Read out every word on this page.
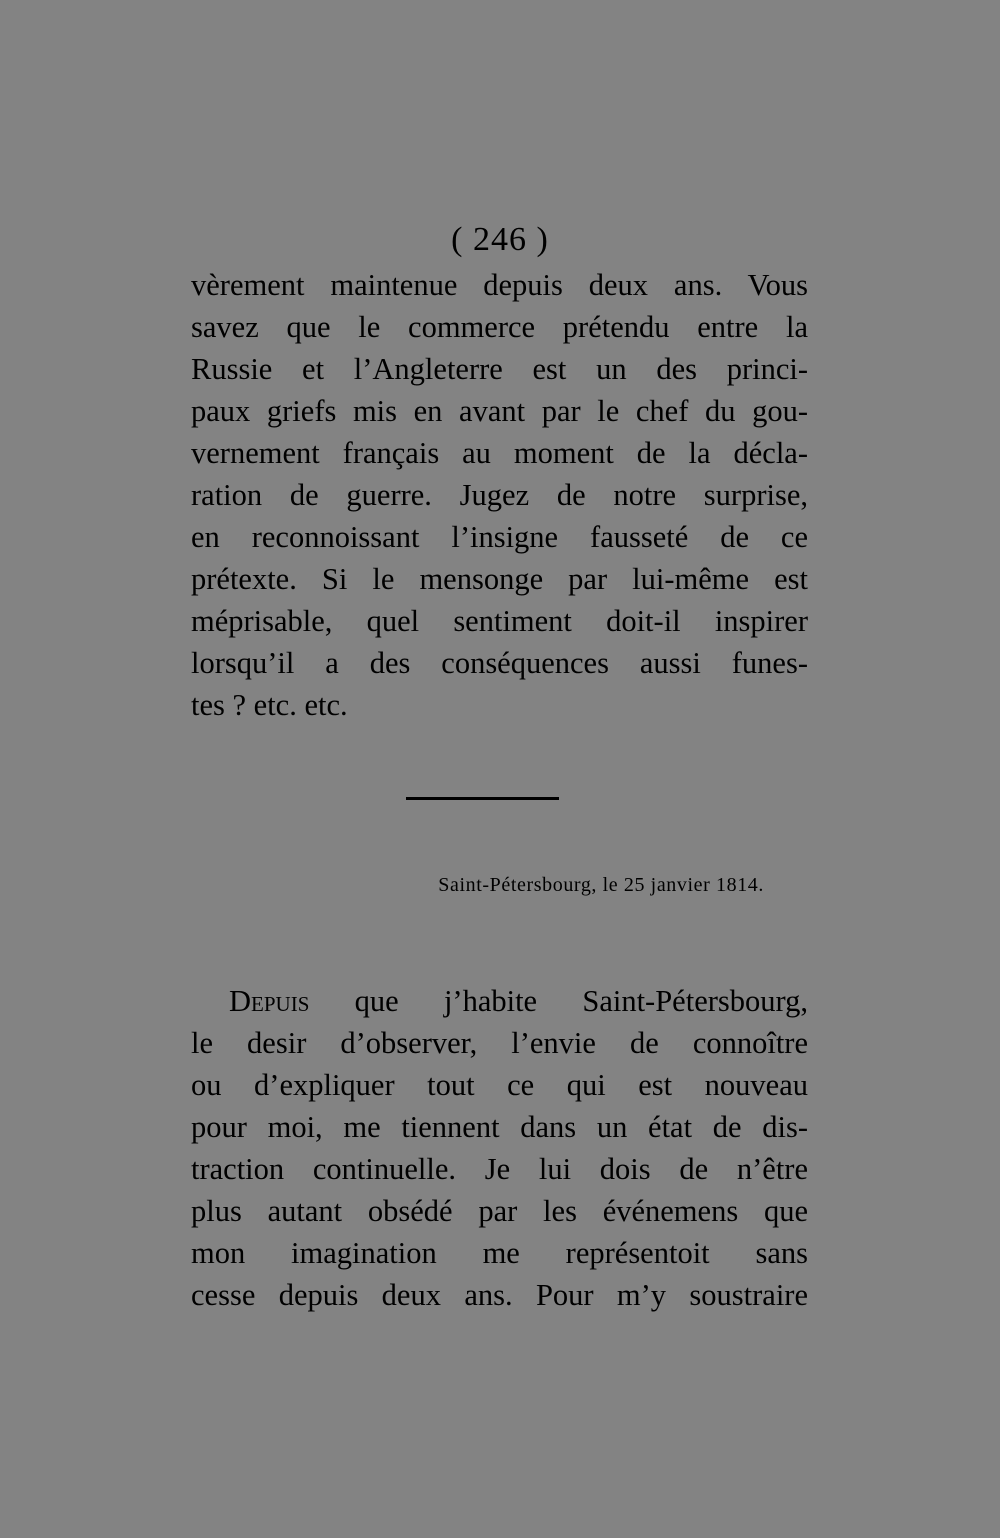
( 246 )
vèrement maintenue depuis deux ans. Vous
savez que le commerce prétendu entre la
Russie et l’Angleterre est un des princi-
paux griefs mis en avant par le chef du gou-
vernement français au moment de la décla-
ration de guerre. Jugez de notre surprise,
en reconnoissant l’insigne fausseté de ce
prétexte. Si le mensonge par lui-même est
méprisable, quel sentiment doit-il inspirer
lorsqu’il a des conséquences aussi funes-
tes ? etc. etc.
Saint-Pétersbourg, le 25 janvier 1814.
Depuis que j’habite Saint-Pétersbourg,
le desir d’observer, l’envie de connoître
ou d’expliquer tout ce qui est nouveau
pour moi, me tiennent dans un état de dis-
traction continuelle. Je lui dois de n’être
plus autant obsédé par les événemens que
mon imagination me représentoit sans
cesse depuis deux ans. Pour m’y soustraire
